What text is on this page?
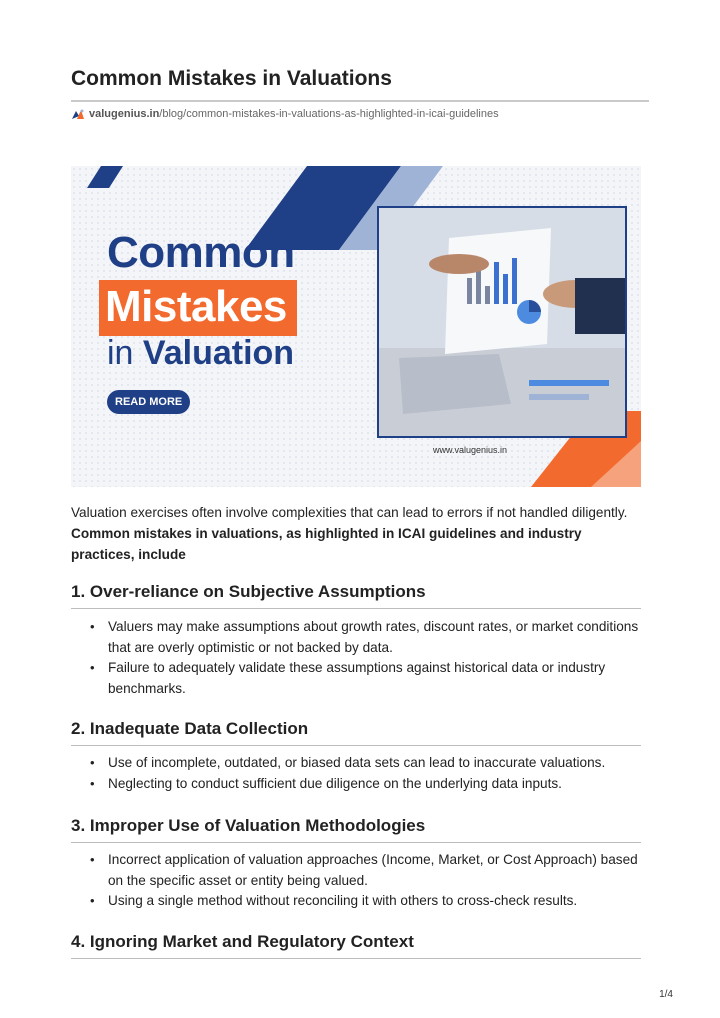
Common Mistakes in Valuations
valugenius.in/blog/common-mistakes-in-valuations-as-highlighted-in-icai-guidelines
Common
Mistakes
in Valuation
READ MORE
www.valugenius.in

Valuation exercises often involve complexities that can lead to errors if not handled diligently. Common mistakes in valuations, as highlighted in ICAI guidelines and industry practices, include

1. Over-reliance on Subjective Assumptions
• Valuers may make assumptions about growth rates, discount rates, or market conditions that are overly optimistic or not backed by data.
• Failure to adequately validate these assumptions against historical data or industry benchmarks.
2. Inadequate Data Collection
• Use of incomplete, outdated, or biased data sets can lead to inaccurate valuations.
• Neglecting to conduct sufficient due diligence on the underlying data inputs.
3. Improper Use of Valuation Methodologies
• Incorrect application of valuation approaches (Income, Market, or Cost Approach) based on the specific asset or entity being valued.
• Using a single method without reconciling it with others to cross-check results.
4. Ignoring Market and Regulatory Context
1/4
